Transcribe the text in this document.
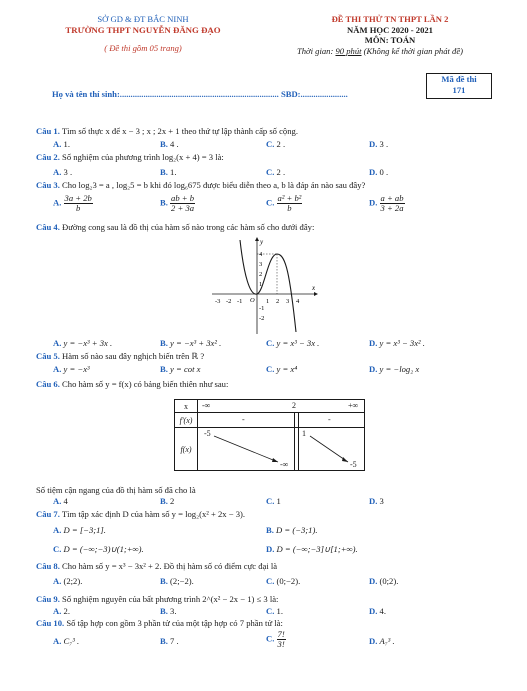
SỞ GD & ĐT BẮC NINH
TRƯỜNG THPT NGUYỄN ĐĂNG ĐẠO
( Đề thi gồm 05 trang)
ĐỀ THI THỬ TN THPT LẦN 2
NĂM HỌC 2020 - 2021
MÔN: TOÁN
Thời gian: 90 phút (Không kể thời gian phát đề)
Mã đề thi
171
Họ và tên thí sinh:.......................................................................... SBD:......................
Câu 1. Tìm số thực x để x − 3 ; x ; 2x + 1 theo thứ tự lập thành cấp số cộng.
A. 1.	B. 4 .	C. 2 .	D. 3 .
Câu 2. Số nghiệm của phương trình log₂(x + 4) = 3 là:
A. 3 .	B. 1.	C. 2 .	D. 0 .
Câu 3. Cho log₂3 = a , log₂5 = b khi đó log₆675 được biểu diễn theo a, b là đáp án nào sau đây?
A. $\frac{3a + 2b}{b}$	B. $\frac{ab + b}{2 + 3a}$	C. $\frac{\text{a² + b²}}{b}$	D. $\frac{a + ab}{3 + 2a}$
Câu 4. Đường cong sau là đồ thị của hàm số nào trong các hàm số cho dưới đây:
x
y
-3 -2 -1 O 1 2 3 4
4
3
2
1
-1
-2
A. y = −x³ + 3x .	B. y = −x³ + 3x² .	C. y = x³ − 3x .	D. y = x³ − 3x² .
Câu 5. Hàm số nào sau đây nghịch biến trên ℝ ?
A. y = −x³	B. y = cot x	C. y = x⁴	D. y = −log₂ x
Câu 6. Cho hàm số y = f(x) có bảng biến thiên như sau:
x	-∞ 2 +∞

f'(x)	- -

f(x)	-5
-∞
1
-5
Số tiệm cận ngang của đồ thị hàm số đã cho là
A. 4	B. 2	C. 1	D. 3
Câu 7. Tìm tập xác định D của hàm số y = log₂(x² + 2x − 3).
A. D = [−3;1].	B. D = (−3;1).
C. D = (−∞;−3)∪(1;+∞).	D. D = (−∞;−3]∪[1;+∞).
Câu 8. Cho hàm số y = x³ − 3x² + 2. Đồ thị hàm số có điểm cực đại là
A. (2;2).	B. (2;−2).	C. (0;−2).	D. (0;2).
Câu 9. Số nghiệm nguyên của bất phương trình 2^(x² − 2x − 1) ≤ 3 là:
A. 2.	B. 3.	C. 1.	D. 4.
Câu 10. Số tập hợp con gồm 3 phần tử của một tập hợp có 7 phần tử là:
A. C₇³ .	B. 7 .	C. $\frac{7!}{3!}$	D. A₇³ .
